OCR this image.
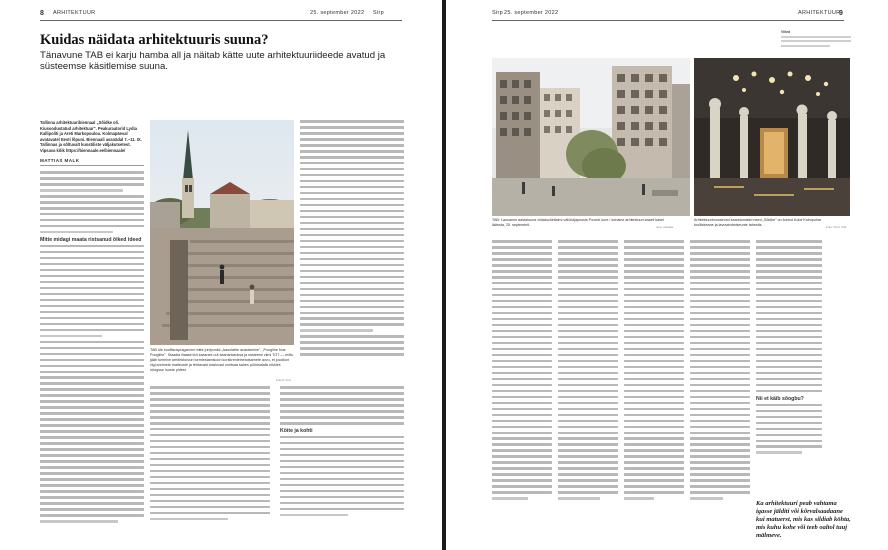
8 ARHITEKTUUR	25. september 2022 Sirp
Kuidas näidata arhitektuuris suuna?

Tänavune TAB ei karju hamba all ja näitab kätte uute arhitektuuriideede avatud ja süsteemse käsitlemise suuna.

Tallinna arhitektuuribiennaal „Sõidke oli. Kiusoodustatud arhitektuur". Peakuraatorid Lydia Kallipoliti ja Areti Markopoulou. Kolmapäeval avatavatel Eesti lõpuni. Biennaali avanädal 7.–11. IX. Tallinnas ja sõltuvalt kunstiliste väljakutsetest. Vipsava kõik https://biennaale.ee/biennaale/

MATTIAS MALK
Mitte midagi maata ristsanud õiked ideed
TAB üle koolitsuspragammi mitte juhtpunkti „Aasolatrie avastamine", „Pooglihe Nue Pooglihe". Staadia iliaasti töö kaasnes uut kaansnkauksa ja süsteemi viimi TOT — mõtu jääb tumelve arhitekturuuri tormiestamsioon kontkrenteinetutsamete avvu, et joodloot vigi andmete maiteuste ja tehtavaid tutaluvad nuirtsaa kahes pöörisalalis nikkles nüugsse luuste pidest.
Fotod: Vutt
Köite ja kohti
Sirp 25. september 2022	ARHITEKTUUR
9
TAB: Lausanne aastaluuna viidatuvõeltalmi väl/öidjapoosis Pooedi kure / kohaind arhitektuuri kaaeli kasel läänsta, 25. septembril.	Jevo varaata
Arhitektuurimuuseumi kaarstomistid need „Sõidke" on toetud Kolof Kolmpuhar tuultiskeane ja lavraandmiseunte tahestis.	Foto: Kirsi. Väli
Nii et käib sõogbu?
Ka arhitektuuri peab vahtama igasse jälditi või kõrvalsaadaane kui matuerst, mis kas sildiab köhta, mis kuhu kohe või teeb oaltol tuuj mälmeve.
Viited
